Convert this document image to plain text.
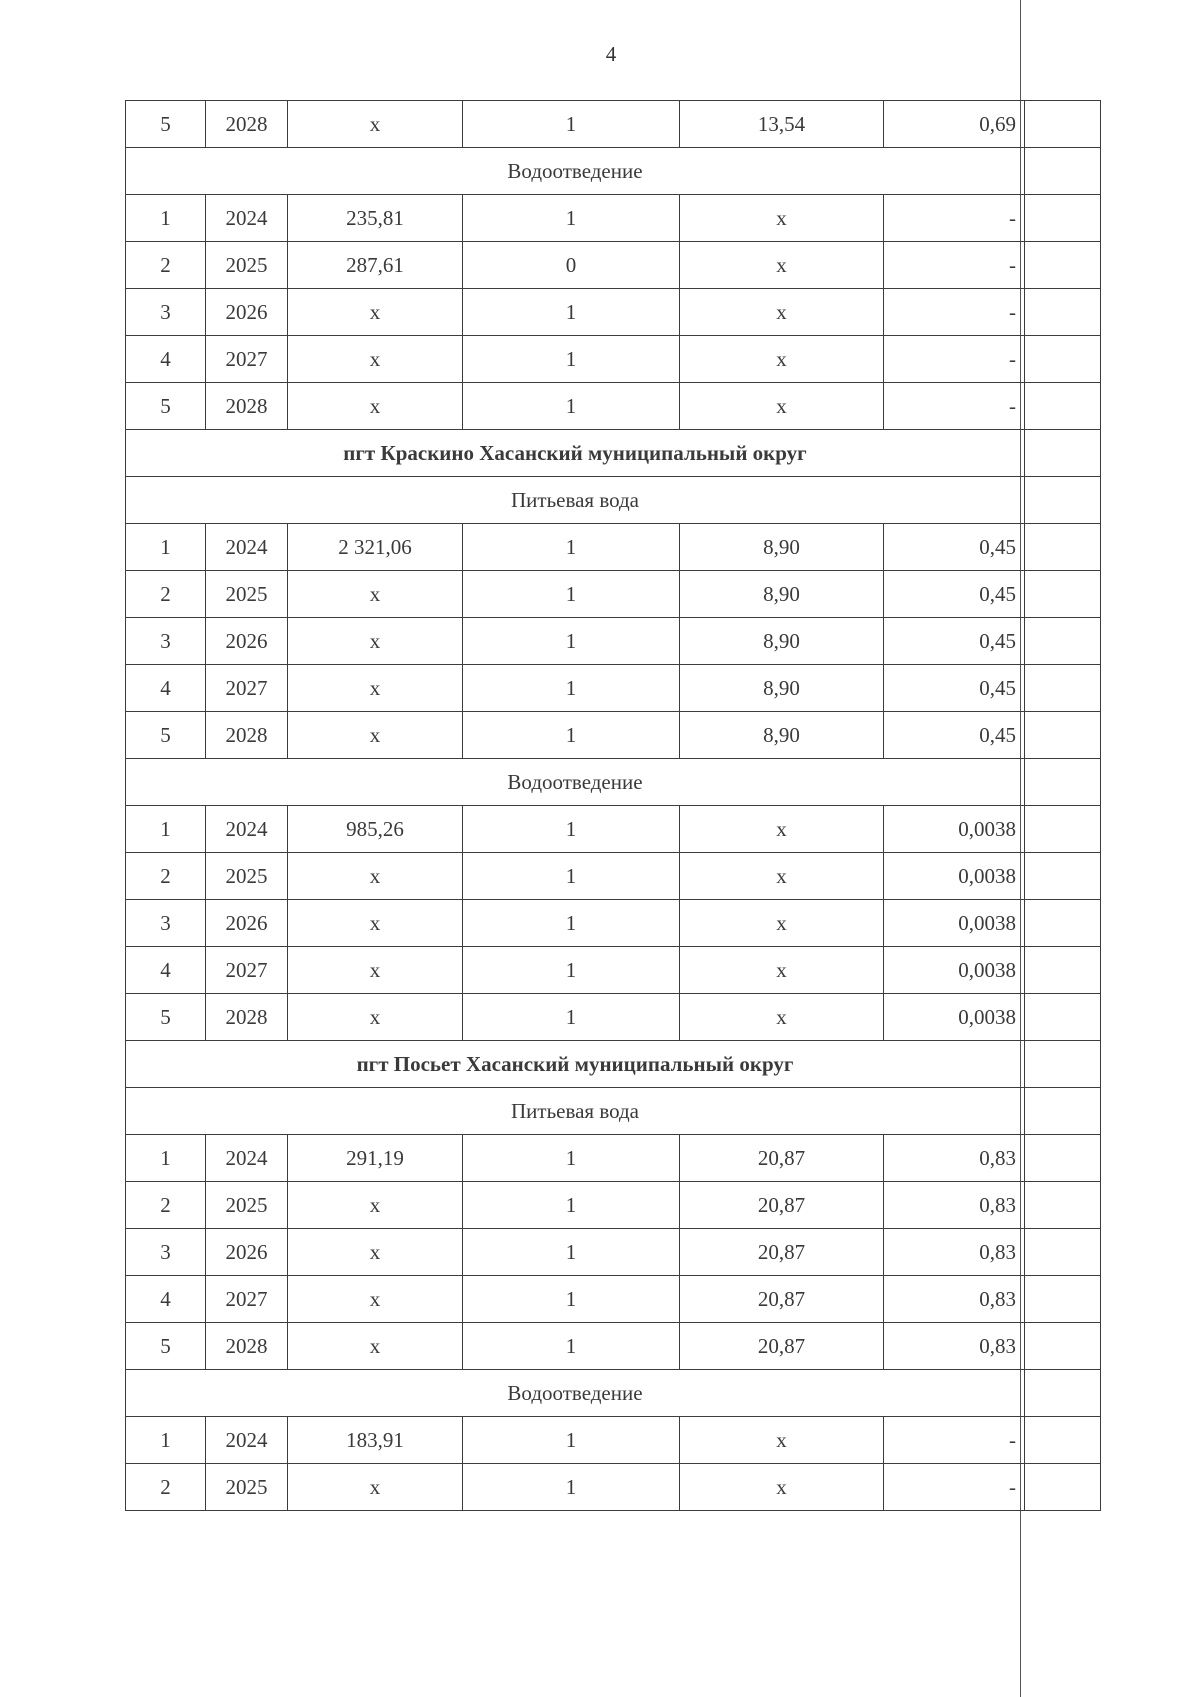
4
5	2028	x	1	13,54	0,69	
Водоотведение						
1	2024	235,81	1	x	-	
2	2025	287,61	0	x	-	
3	2026	x	1	x	-	
4	2027	x	1	x	-	
5	2028	x	1	x	-	
пгт Краскино Хасанский муниципальный округ						
Питьевая вода						
1	2024	2 321,06	1	8,90	0,45	
2	2025	x	1	8,90	0,45	
3	2026	x	1	8,90	0,45	
4	2027	x	1	8,90	0,45	
5	2028	x	1	8,90	0,45	
Водоотведение						
1	2024	985,26	1	x	0,0038	
2	2025	x	1	x	0,0038	
3	2026	x	1	x	0,0038	
4	2027	x	1	x	0,0038	
5	2028	x	1	x	0,0038	
пгт Посьет Хасанский муниципальный округ						
Питьевая вода						
1	2024	291,19	1	20,87	0,83	
2	2025	x	1	20,87	0,83	
3	2026	x	1	20,87	0,83	
4	2027	x	1	20,87	0,83	
5	2028	x	1	20,87	0,83	
Водоотведение						
1	2024	183,91	1	x	-	
2	2025	x	1	x	-	
